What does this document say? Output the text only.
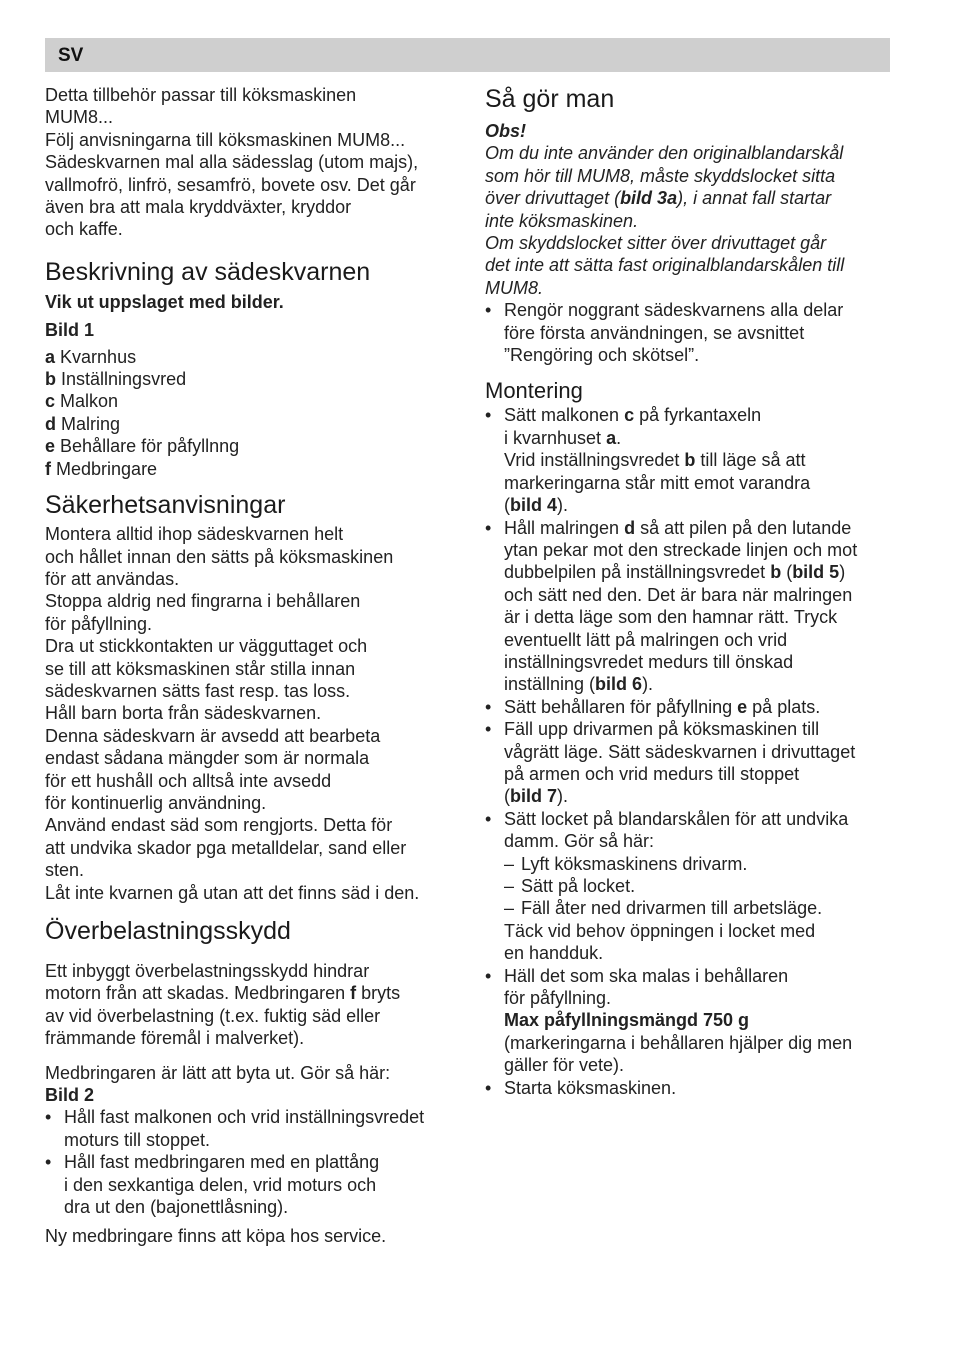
SV

Detta tillbehör passar till köksmaskinen

MUM8...

Följ anvisningarna till köksmaskinen MUM8...

Sädeskvarnen mal alla sädesslag (utom majs),

vallmofrö, linfrö, sesamfrö, bovete osv. Det går

även bra att mala kryddväxter, kryddor

och kaffe.

Beskrivning av sädeskvarnen

Vik ut uppslaget med bilder.

Bild 1

a Kvarnhus
b Inställningsvred
c Malkon
d Malring
e Behållare för påfyllnng
f Medbringare
Säkerhetsanvisningar

Montera alltid ihop sädeskvarnen helt

och hållet innan den sätts på köksmaskinen

för att användas.

Stoppa aldrig ned fingrarna i behållaren

för påfyllning.

Dra ut stickkontakten ur vägguttaget och

se till att köksmaskinen står stilla innan

sädeskvarnen sätts fast resp. tas loss.

Håll barn borta från sädeskvarnen.

Denna sädeskvarn är avsedd att bearbeta

endast sådana mängder som är normala

för ett hushåll och alltså inte avsedd

för kontinuerlig användning.

Använd endast säd som rengjorts. Detta för

att undvika skador pga metalldelar, sand eller

sten.

Låt inte kvarnen gå utan att det finns säd i den.

Överbelastningsskydd

Ett inbyggt överbelastningsskydd hindrar

motorn från att skadas. Medbringaren f bryts

av vid överbelastning (t.ex. fuktig säd eller

främmande föremål i malverket).

Medbringaren är lätt att byta ut. Gör så här:

Bild 2

• Håll fast malkonen och vrid inställningsvredet
moturs till stoppet.
• Håll fast medbringaren med en plattång
i den sexkantiga delen, vrid moturs och
dra ut den (bajonettlåsning).

Ny medbringare finns att köpa hos service.

Så gör man

Obs!

Om du inte använder den originalblandarskål

som hör till MUM8, måste skyddslocket sitta

över drivuttaget (bild 3a), i annat fall startar

inte köksmaskinen.

Om skyddslocket sitter över drivuttaget går

det inte att sätta fast originalblandarskålen till

MUM8.

• Rengör noggrant sädeskvarnens alla delar
före första användningen, se avsnittet
”Rengöring och skötsel”.
Montering
• Sätt malkonen c på fyrkantaxeln
i kvarnhuset a.
Vrid inställningsvredet b till läge så att
markeringarna står mitt emot varandra
(bild 4).
• Håll malringen d så att pilen på den lutande
ytan pekar mot den streckade linjen och mot
dubbelpilen på inställningsvredet b (bild 5)
och sätt ned den. Det är bara när malringen
är i detta läge som den hamnar rätt. Tryck
eventuellt lätt på malringen och vrid
inställningsvredet medurs till önskad
inställning (bild 6).
• Sätt behållaren för påfyllning e på plats.
• Fäll upp drivarmen på köksmaskinen till
vågrätt läge. Sätt sädeskvarnen i drivuttaget
på armen och vrid medurs till stoppet
(bild 7).
• Sätt locket på blandarskålen för att undvika
damm. Gör så här:
– Lyft köksmaskinens drivarm.
– Sätt på locket.
– Fäll åter ned drivarmen till arbetsläge.
Täck vid behov öppningen i locket med
en handduk.
• Häll det som ska malas i behållaren
för påfyllning.
Max påfyllningsmängd 750 g
(markeringarna i behållaren hjälper dig men
gäller för vete).
• Starta köksmaskinen.
